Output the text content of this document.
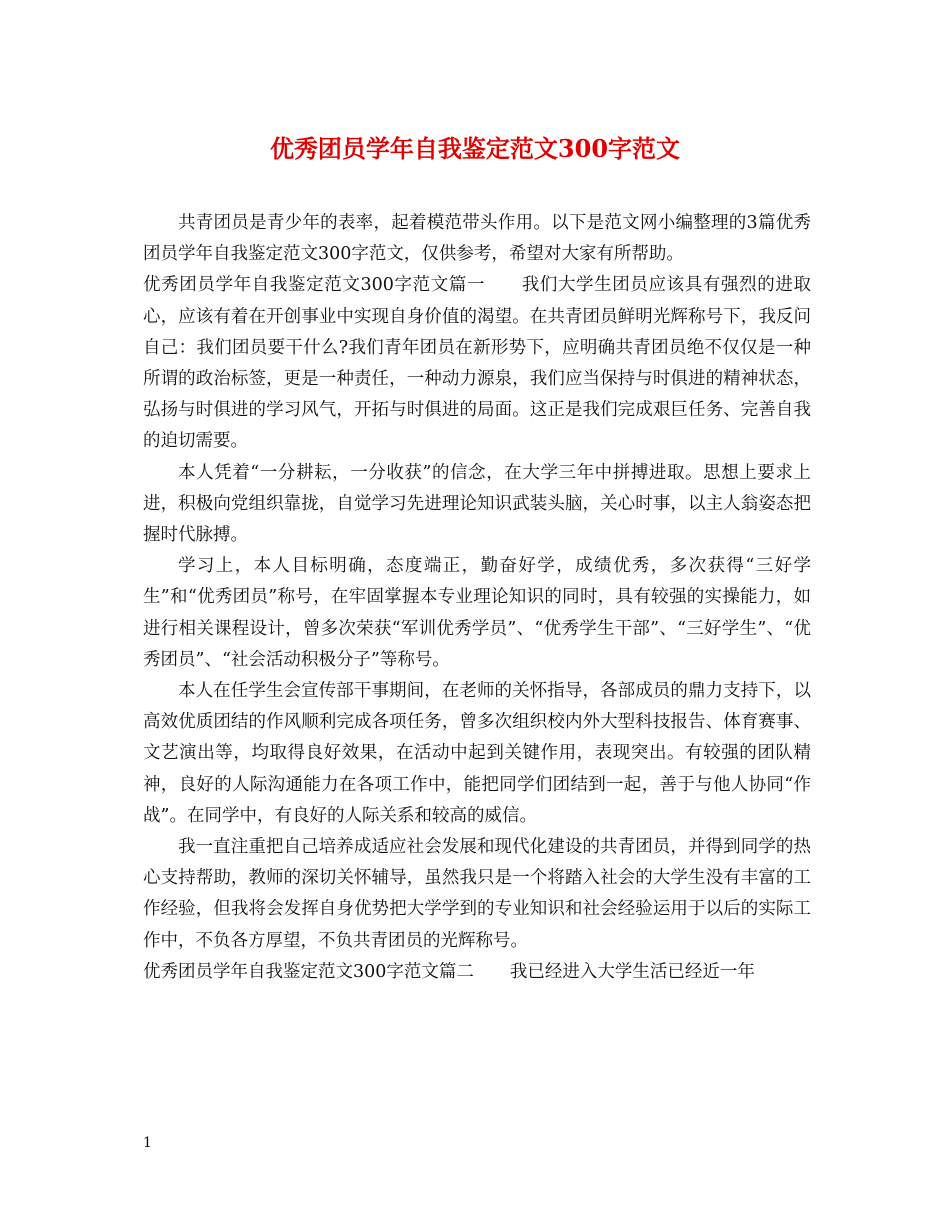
优秀团员学年自我鉴定范文300字范文

共青团员是青少年的表率，起着模范带头作用。以下是范文网小编整理的3篇优秀团员学年自我鉴定范文300字范文，仅供参考，希望对大家有所帮助。

优秀团员学年自我鉴定范文300字范文篇一 我们大学生团员应该具有强烈的进取心，应该有着在开创事业中实现自身价值的渴望。在共青团员鲜明光辉称号下，我反问自己：我们团员要干什么?我们青年团员在新形势下，应明确共青团员绝不仅仅是一种所谓的政治标签，更是一种责任，一种动力源泉，我们应当保持与时俱进的精神状态，弘扬与时俱进的学习风气，开拓与时俱进的局面。这正是我们完成艰巨任务、完善自我的迫切需要。

本人凭着“一分耕耘，一分收获”的信念，在大学三年中拼搏进取。思想上要求上进，积极向党组织靠拢，自觉学习先进理论知识武装头脑，关心时事，以主人翁姿态把握时代脉搏。

学习上，本人目标明确，态度端正，勤奋好学，成绩优秀，多次获得“三好学生”和“优秀团员”称号，在牢固掌握本专业理论知识的同时，具有较强的实操能力，如进行相关课程设计，曾多次荣获“军训优秀学员”、“优秀学生干部”、“三好学生”、“优秀团员”、“社会活动积极分子”等称号。

本人在任学生会宣传部干事期间，在老师的关怀指导，各部成员的鼎力支持下，以高效优质团结的作风顺利完成各项任务，曾多次组织校内外大型科技报告、体育赛事、文艺演出等，均取得良好效果，在活动中起到关键作用，表现突出。有较强的团队精神，良好的人际沟通能力在各项工作中，能把同学们团结到一起，善于与他人协同“作战”。在同学中，有良好的人际关系和较高的威信。

我一直注重把自己培养成适应社会发展和现代化建设的共青团员，并得到同学的热心支持帮助，教师的深切关怀辅导，虽然我只是一个将踏入社会的大学生没有丰富的工作经验，但我将会发挥自身优势把大学学到的专业知识和社会经验运用于以后的实际工作中，不负各方厚望，不负共青团员的光辉称号。

优秀团员学年自我鉴定范文300字范文篇二 我已经进入大学生活已经近一年

1
